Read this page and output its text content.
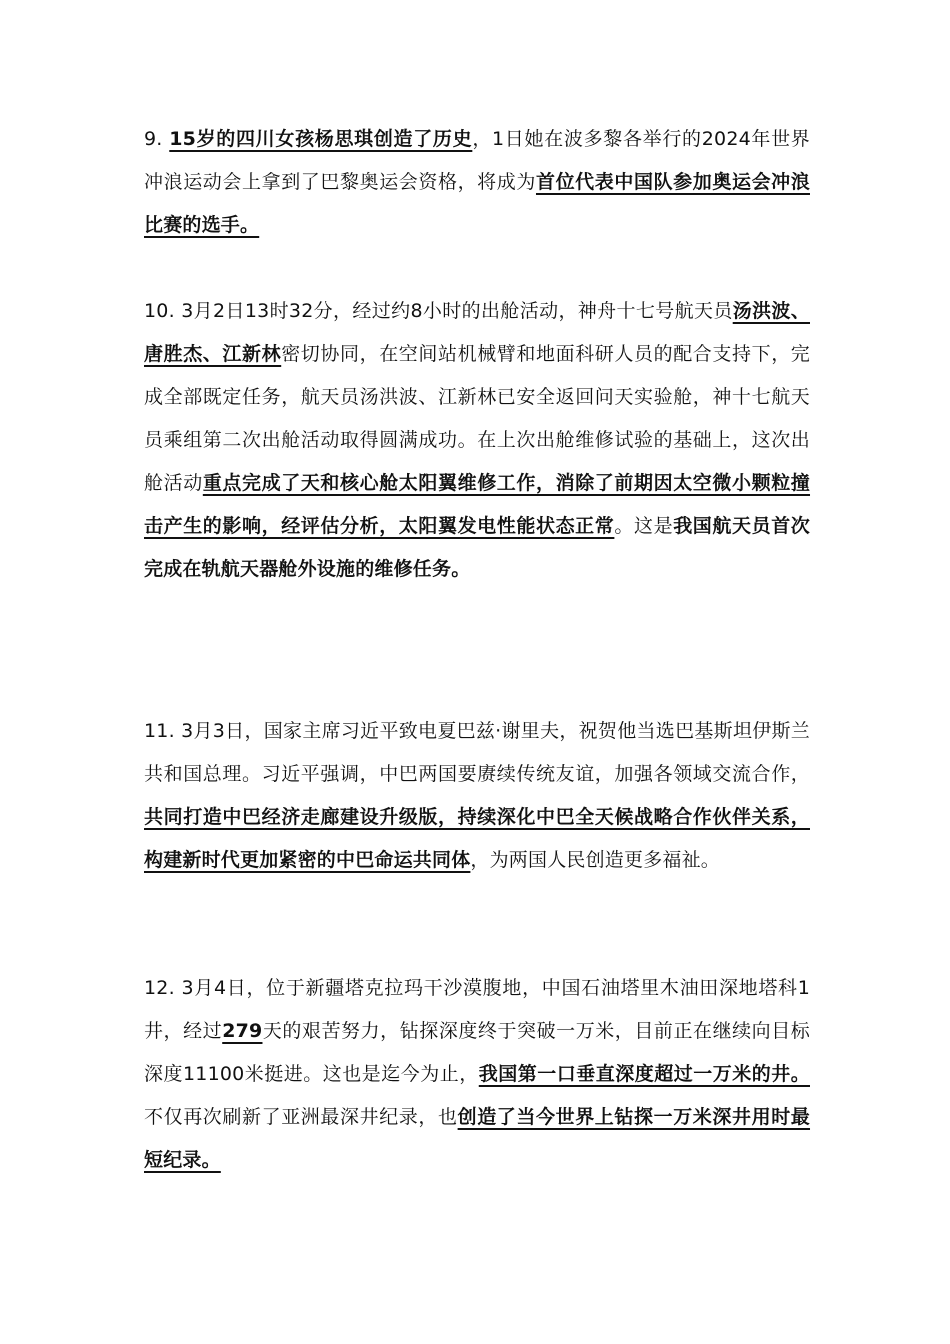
9. 15岁的四川女孩杨思琪创造了历史，1日她在波多黎各举行的2024年世界冲浪运动会上拿到了巴黎奥运会资格，将成为首位代表中国队参加奥运会冲浪比赛的选手。

10. 3月2日13时32分，经过约8小时的出舱活动，神舟十七号航天员汤洪波、唐胜杰、江新林密切协同，在空间站机械臂和地面科研人员的配合支持下，完成全部既定任务，航天员汤洪波、江新林已安全返回问天实验舱，神十七航天员乘组第二次出舱活动取得圆满成功。在上次出舱维修试验的基础上，这次出舱活动重点完成了天和核心舱太阳翼维修工作，消除了前期因太空微小颗粒撞击产生的影响，经评估分析，太阳翼发电性能状态正常。这是我国航天员首次完成在轨航天器舱外设施的维修任务。

11. 3月3日，国家主席习近平致电夏巴兹·谢里夫，祝贺他当选巴基斯坦伊斯兰共和国总理。习近平强调，中巴两国要赓续传统友谊，加强各领域交流合作，共同打造中巴经济走廊建设升级版，持续深化中巴全天候战略合作伙伴关系，构建新时代更加紧密的中巴命运共同体，为两国人民创造更多福祉。

12. 3月4日，位于新疆塔克拉玛干沙漠腹地，中国石油塔里木油田深地塔科1井，经过279天的艰苦努力，钻探深度终于突破一万米，目前正在继续向目标深度11100米挺进。这也是迄今为止，我国第一口垂直深度超过一万米的井。不仅再次刷新了亚洲最深井纪录，也创造了当今世界上钻探一万米深井用时最短纪录。
